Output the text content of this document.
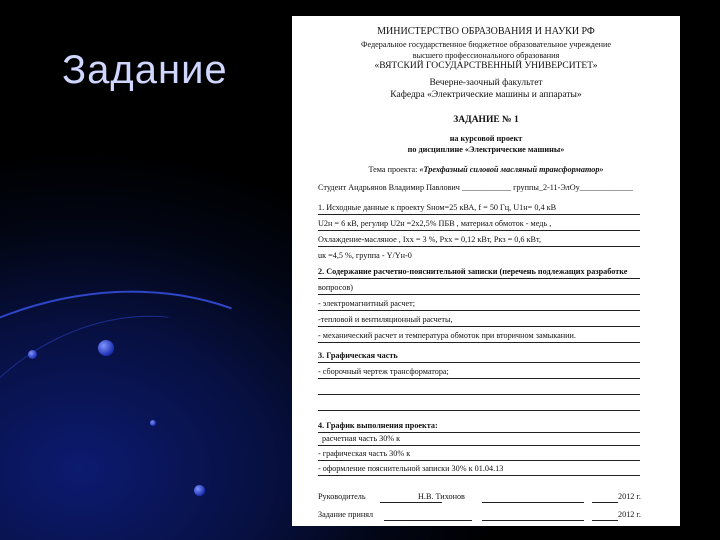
Задание
МИНИСТЕРСТВО ОБРАЗОВАНИЯ И НАУКИ РФ
Федеральное государственное бюджетное образовательное учреждение
высшего профессионального образования
«ВЯТСКИЙ ГОСУДАРСТВЕННЫЙ УНИВЕРСИТЕТ»
Вечерне-заочный факультет
Кафедра «Электрические машины и аппараты»
ЗАДАНИЕ № 1
на курсовой проект
по дисциплине «Электрические машины»
Тема проекта: «Трехфазный силовой масляный трансформатор»
Студент Андрьянов Владимир Павлович ____________ группы_2-11-ЭлОу_____________
1. Исходные данные к проекту Sном=25 кВА, f = 50 Гц, U1н= 0,4 кВ
U2н = 6 кВ, регулир U2н =2x2,5% ПБВ , материал обмоток - медь ,
Охлаждение-масляное , Iхх = 3 %, Pхх = 0,12 кВт, Pкз = 0,6 кВт,
uк =4,5 %, группа - Y/Yн-0
2. Содержание расчетно-пояснительной записки (перечень подлежащих разработке
вопросов)
- электромагнитный расчет;
-тепловой и вентиляционный расчеты,
- механический расчет и температура обмоток при вторичном замыкании.
3. Графическая часть
- сборочный чертеж трансформатора;
4. График выполнения проекта:
расчетная часть 30% к
- графическая часть 30% к
- оформление пояснительной записки 30% к 01.04.13
Руководитель	Н.В. Тихонов	2012 г.
Задание принял	2012 г.
